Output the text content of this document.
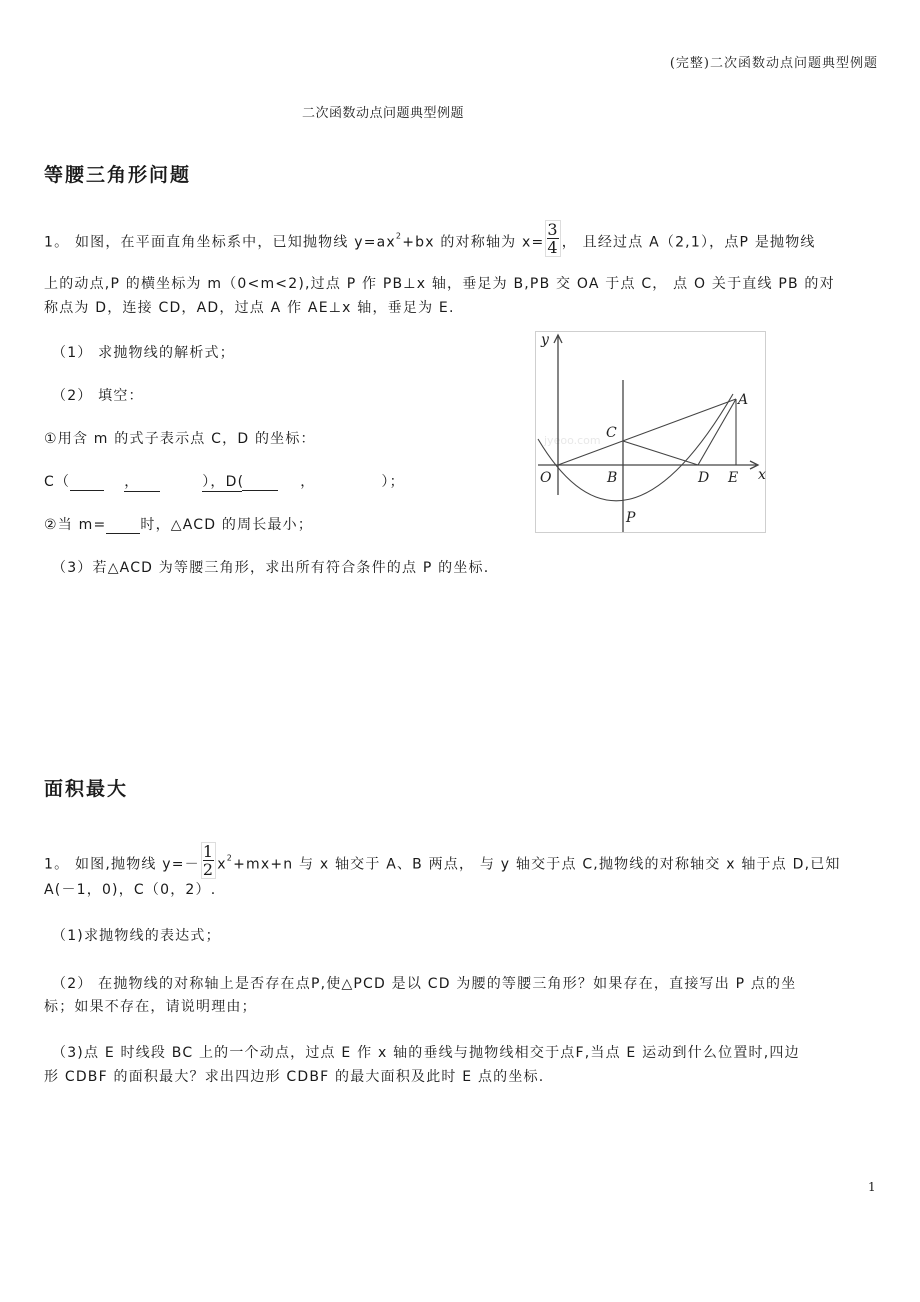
(完整)二次函数动点问题典型例题
二次函数动点问题典型例题
等腰三角形问题
1。 如图，在平面直角坐标系中，已知抛物线 $y=ax^2+bx$ 的对称轴为 $x= \frac{3}{4}$ ， 且经过点 A（2,1），点P 是抛物线
上的动点,P 的横坐标为 m（0<m<2),过点 P 作 PB⊥x 轴，垂足为 B,PB 交 OA 于点 C， 点 O 关于直线 PB 的对
称点为 D，连接 CD，AD，过点 A 作 AE⊥x 轴，垂足为 E.
（1） 求抛物线的解析式；
（2） 填空：
①用含 m 的式子表示点 C，D 的坐标：
C（	，	），D(	，	）；
②当 m= 时，△ACD 的周长最小；
（3）若△ACD 为等腰三角形，求出所有符合条件的点 P 的坐标.
jyeoo.com
y
x
O	B
C
D E
A
P
面积最大
1。 如图,抛物线 $y=- \frac{1}{2} x^2+mx+n$ 与 x 轴交于 A、B 两点， 与 y 轴交于点 C,抛物线的对称轴交 x 轴于点 D,已知
A(－1，0)，C（0，2）.
（1)求抛物线的表达式；
（2） 在抛物线的对称轴上是否存在点P,使△PCD 是以 CD 为腰的等腰三角形？如果存在，直接写出 P 点的坐
标；如果不存在，请说明理由；
（3)点 E 时线段 BC 上的一个动点，过点 E 作 x 轴的垂线与抛物线相交于点F,当点 E 运动到什么位置时,四边
形 CDBF 的面积最大？求出四边形 CDBF 的最大面积及此时 E 点的坐标.
1
